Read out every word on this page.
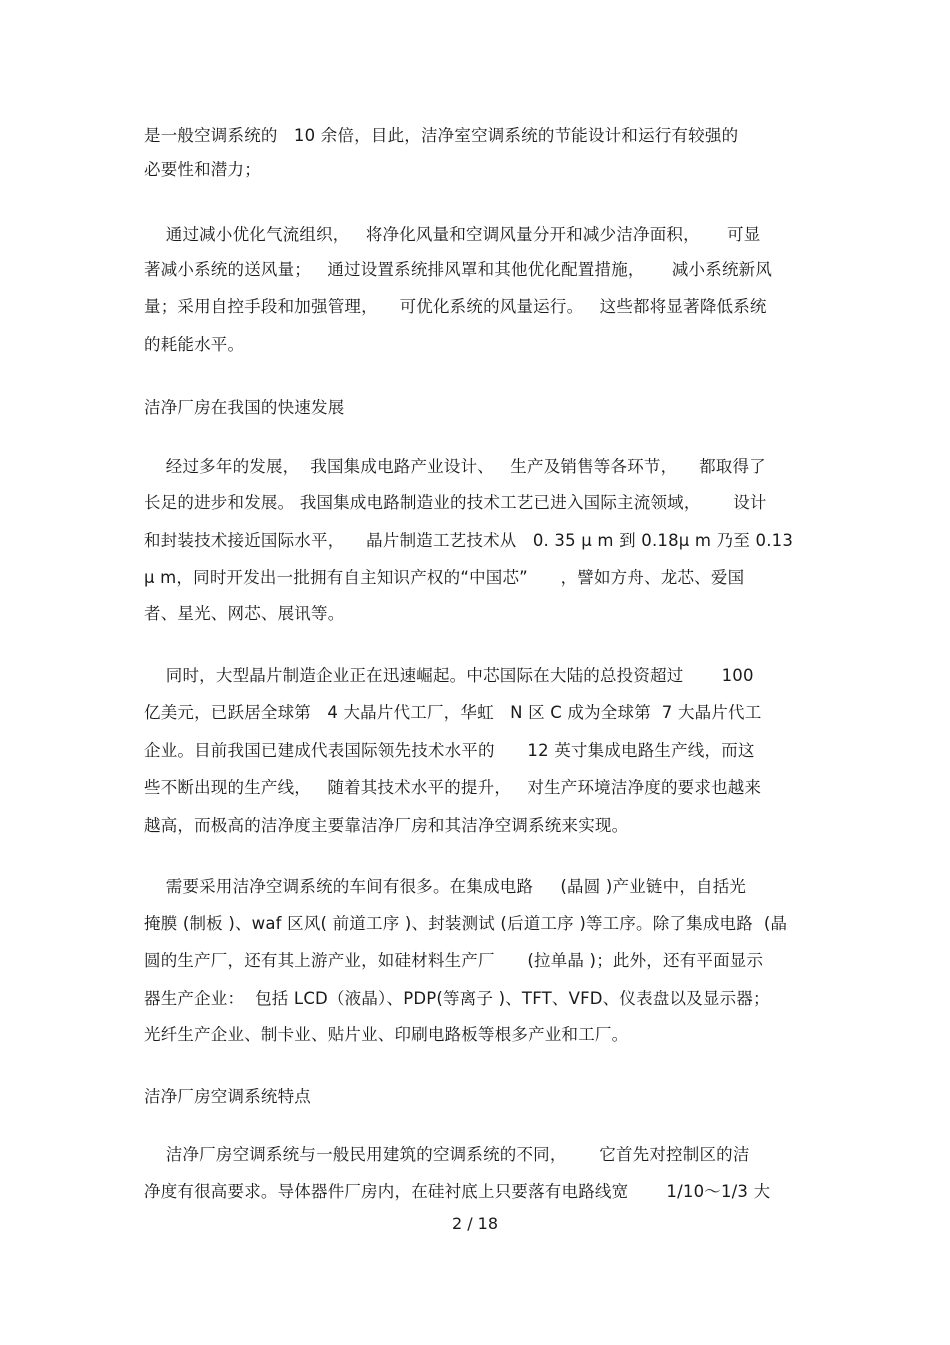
是一般空调系统的   10 余倍，目此，洁净室空调系统的节能设计和运行有较强的
必要性和潜力；
通过减小优化气流组织，   将净化风量和空调风量分开和减少洁净面积，     可显
著减小系统的送风量；   通过设置系统排风罩和其他优化配置措施，     减小系统新风
量；采用自控手段和加强管理，    可优化系统的风量运行。   这些都将显著降低系统
的耗能水平。
洁净厂房在我国的快速发展
经过多年的发展，  我国集成电路产业设计、   生产及销售等各环节，    都取得了
长足的进步和发展。 我国集成电路制造业的技术工艺已进入国际主流领域，      设计
和封装技术接近国际水平，    晶片制造工艺技术从   0. 35 μ m 到 0.18μ m 乃至 0.13
μ m，同时开发出一批拥有自主知识产权的“中国芯”      ，譬如方舟、龙芯、爱国
者、星光、网芯、展讯等。
同时，大型晶片制造企业正在迅速崛起。中芯国际在大陆的总投资超过       100
亿美元，已跃居全球第   4 大晶片代工厂，华虹   N 区 C 成为全球第  7 大晶片代工
企业。目前我国已建成代表国际领先技术水平的      12 英寸集成电路生产线，而这
些不断出现的生产线，   随着其技术水平的提升，   对生产环境洁净度的要求也越来
越高，而极高的洁净度主要靠洁净厂房和其洁净空调系统来实现。
需要采用洁净空调系统的车间有很多。在集成电路     (晶圆 )产业链中，自括光
掩膜 (制板 )、waf 区风( 前道工序 )、封装测试 (后道工序 )等工序。除了集成电路  (晶
圆的生产厂，还有其上游产业，如硅材料生产厂      (拉单晶 )；此外，还有平面显示
器生产企业：  包括 LCD（液晶）、PDP(等离子 )、TFT、VFD、仪表盘以及显示器；
光纤生产企业、制卡业、贴片业、印刷电路板等根多产业和工厂。
洁净厂房空调系统特点
洁净厂房空调系统与一般民用建筑的空调系统的不同，      它首先对控制区的洁
净度有很高要求。导体器件厂房内，在硅衬底上只要落有电路线宽       1/10～1/3 大
2 / 18
